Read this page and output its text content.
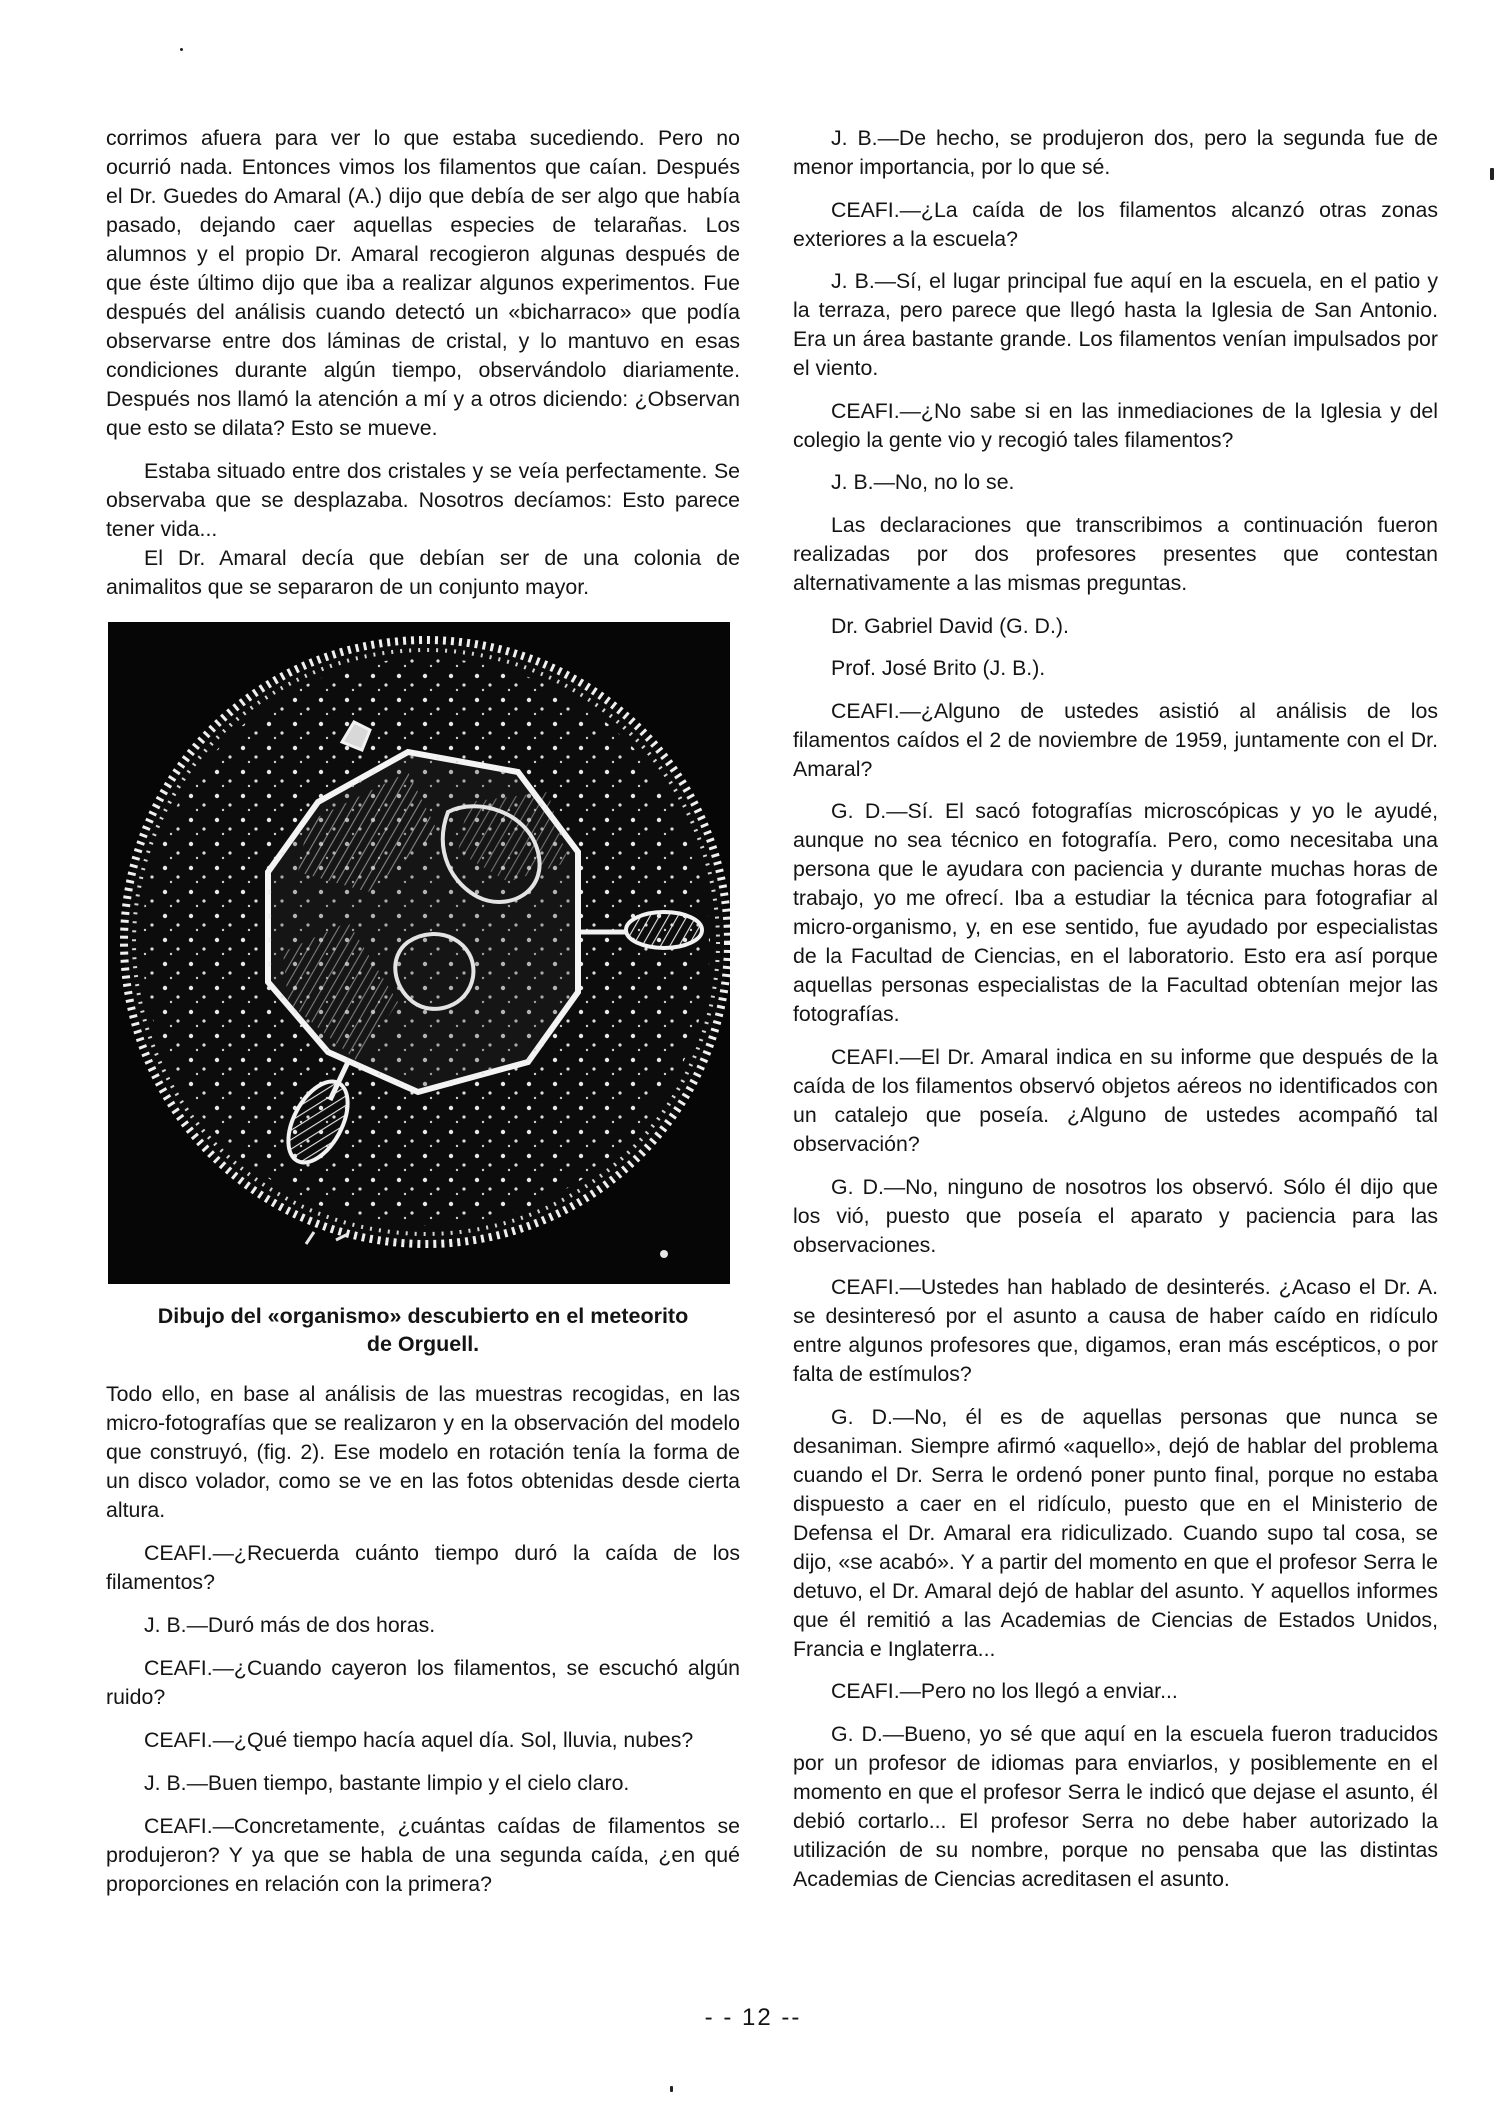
corrimos afuera para ver lo que estaba sucediendo. Pero no ocurrió nada. Entonces vimos los filamentos que caían. Después el Dr. Guedes do Amaral (A.) dijo que debía de ser algo que había pasado, dejando caer aquellas especies de telarañas. Los alumnos y el propio Dr. Amaral recogieron algunas después de que éste último dijo que iba a realizar algunos experimentos. Fue después del análisis cuando detectó un «bicharraco» que podía observarse entre dos láminas de cristal, y lo mantuvo en esas condiciones durante algún tiempo, observándolo diariamente. Después nos llamó la atención a mí y a otros diciendo: ¿Observan que esto se dilata? Esto se mueve.

Estaba situado entre dos cristales y se veía perfectamente. Se observaba que se desplazaba. Nosotros decíamos: Esto parece tener vida...

El Dr. Amaral decía que debían ser de una colonia de animalitos que se separaron de un conjunto mayor.

Dibujo del «organismo» descubierto en el meteorito de Orguell.

Todo ello, en base al análisis de las muestras recogidas, en las micro-fotografías que se realizaron y en la observación del modelo que construyó, (fig. 2). Ese modelo en rotación tenía la forma de un disco volador, como se ve en las fotos obtenidas desde cierta altura.

CEAFI.—¿Recuerda cuánto tiempo duró la caída de los filamentos?

J. B.—Duró más de dos horas.

CEAFI.—¿Cuando cayeron los filamentos, se escuchó algún ruido?

CEAFI.—¿Qué tiempo hacía aquel día. Sol, lluvia, nubes?

J. B.—Buen tiempo, bastante limpio y el cielo claro.

CEAFI.—Concretamente, ¿cuántas caídas de filamentos se produjeron? Y ya que se habla de una segunda caída, ¿en qué proporciones en relación con la primera?

J. B.—De hecho, se produjeron dos, pero la segunda fue de menor importancia, por lo que sé.

CEAFI.—¿La caída de los filamentos alcanzó otras zonas exteriores a la escuela?

J. B.—Sí, el lugar principal fue aquí en la escuela, en el patio y la terraza, pero parece que llegó hasta la Iglesia de San Antonio. Era un área bastante grande. Los filamentos venían impulsados por el viento.

CEAFI.—¿No sabe si en las inmediaciones de la Iglesia y del colegio la gente vio y recogió tales filamentos?

J. B.—No, no lo se.

Las declaraciones que transcribimos a continuación fueron realizadas por dos profesores presentes que contestan alternativamente a las mismas preguntas.

Dr. Gabriel David (G. D.).

Prof. José Brito (J. B.).

CEAFI.—¿Alguno de ustedes asistió al análisis de los filamentos caídos el 2 de noviembre de 1959, juntamente con el Dr. Amaral?

G. D.—Sí. El sacó fotografías microscópicas y yo le ayudé, aunque no sea técnico en fotografía. Pero, como necesitaba una persona que le ayudara con paciencia y durante muchas horas de trabajo, yo me ofrecí. Iba a estudiar la técnica para fotografiar al micro-organismo, y, en ese sentido, fue ayudado por especialistas de la Facultad de Ciencias, en el laboratorio. Esto era así porque aquellas personas especialistas de la Facultad obtenían mejor las fotografías.

CEAFI.—El Dr. Amaral indica en su informe que después de la caída de los filamentos observó objetos aéreos no identificados con un catalejo que poseía. ¿Alguno de ustedes acompañó tal observación?

G. D.—No, ninguno de nosotros los observó. Sólo él dijo que los vió, puesto que poseía el aparato y paciencia para las observaciones.

CEAFI.—Ustedes han hablado de desinterés. ¿Acaso el Dr. A. se desinteresó por el asunto a causa de haber caído en ridículo entre algunos profesores que, digamos, eran más escépticos, o por falta de estímulos?

G. D.—No, él es de aquellas personas que nunca se desaniman. Siempre afirmó «aquello», dejó de hablar del problema cuando el Dr. Serra le ordenó poner punto final, porque no estaba dispuesto a caer en el ridículo, puesto que en el Ministerio de Defensa el Dr. Amaral era ridiculizado. Cuando supo tal cosa, se dijo, «se acabó». Y a partir del momento en que el profesor Serra le detuvo, el Dr. Amaral dejó de hablar del asunto. Y aquellos informes que él remitió a las Academias de Ciencias de Estados Unidos, Francia e Inglaterra...

CEAFI.—Pero no los llegó a enviar...

G. D.—Bueno, yo sé que aquí en la escuela fueron traducidos por un profesor de idiomas para enviarlos, y posiblemente en el momento en que el profesor Serra le indicó que dejase el asunto, él debió cortarlo... El profesor Serra no debe haber autorizado la utilización de su nombre, porque no pensaba que las distintas Academias de Ciencias acreditasen el asunto.

- - 12 --
